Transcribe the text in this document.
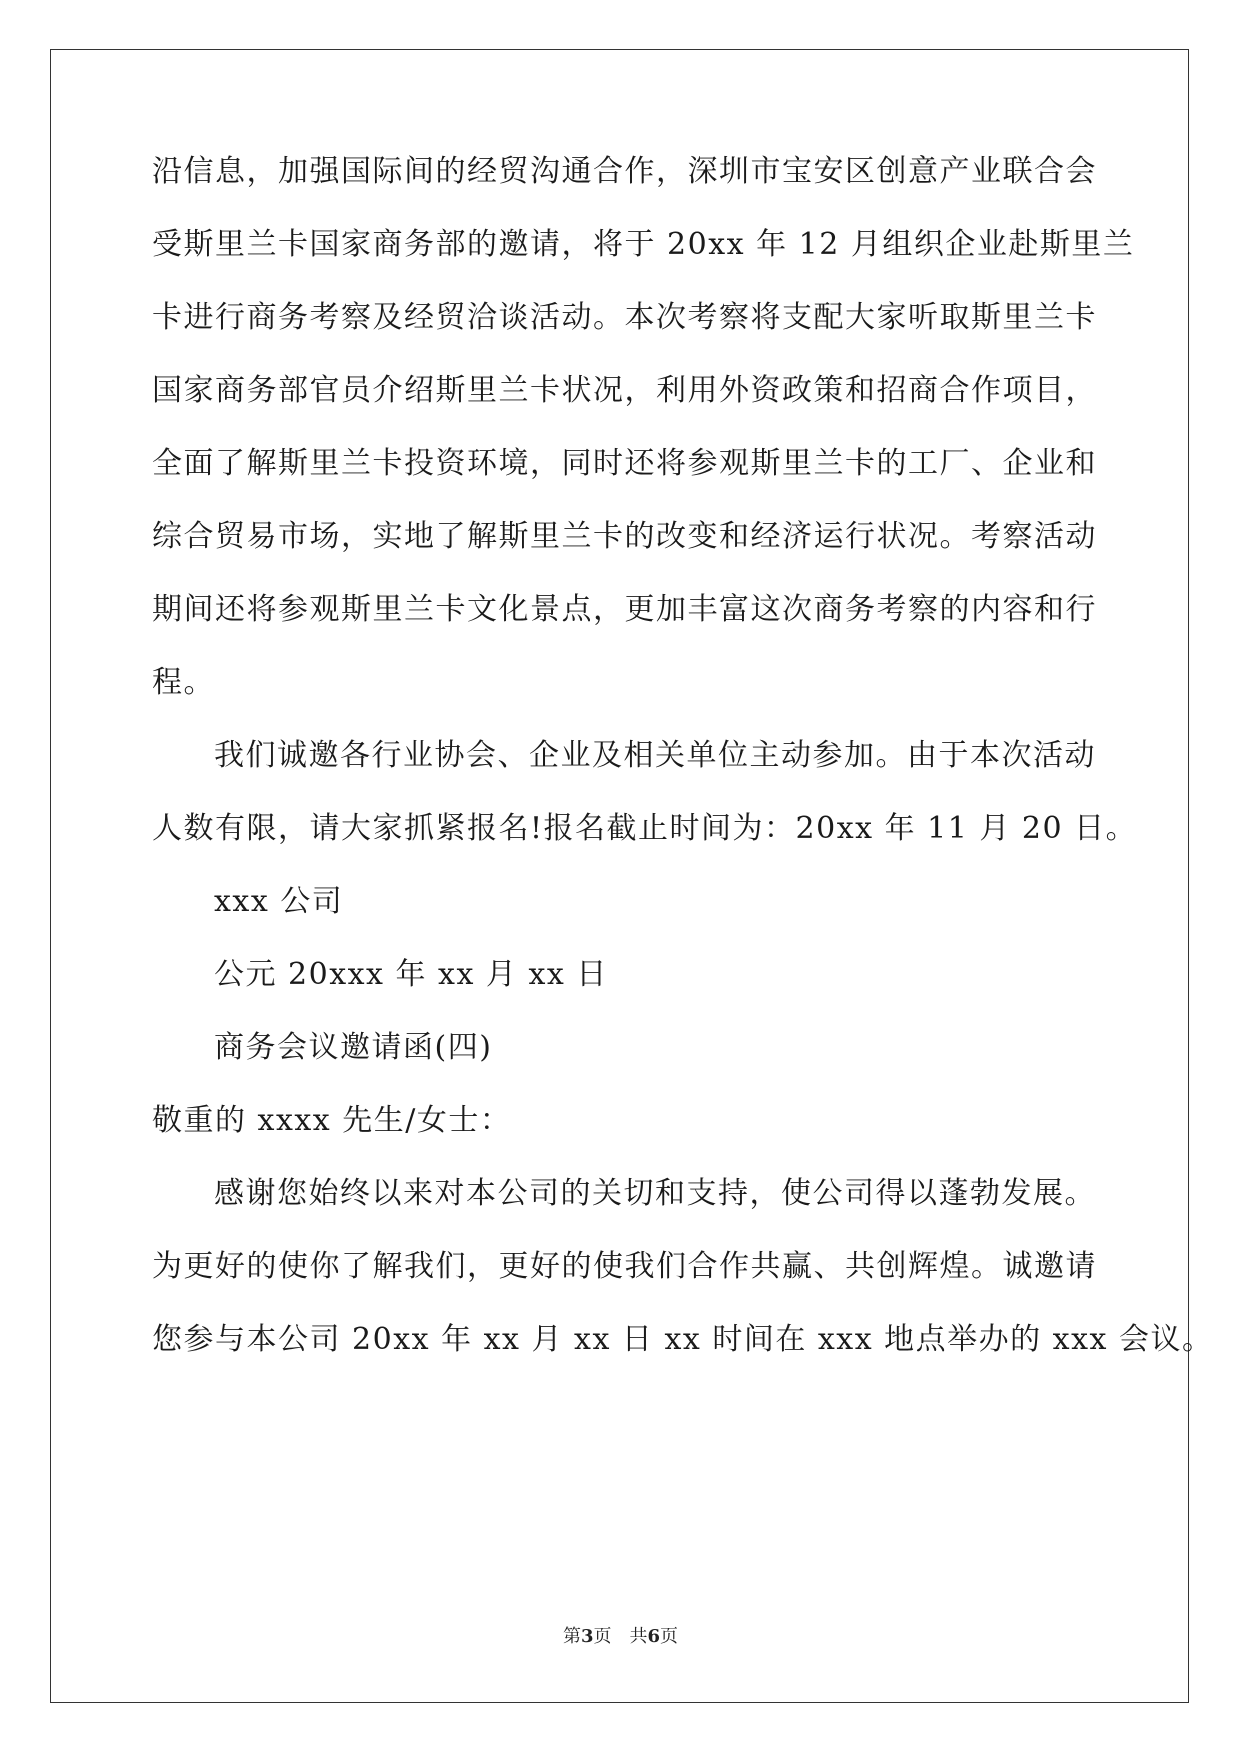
沿信息，加强国际间的经贸沟通合作，深圳市宝安区创意产业联合会
受斯里兰卡国家商务部的邀请，将于 20xx 年 12 月组织企业赴斯里兰
卡进行商务考察及经贸洽谈活动。本次考察将支配大家听取斯里兰卡
国家商务部官员介绍斯里兰卡状况，利用外资政策和招商合作项目，
全面了解斯里兰卡投资环境，同时还将参观斯里兰卡的工厂、企业和
综合贸易市场，实地了解斯里兰卡的改变和经济运行状况。考察活动
期间还将参观斯里兰卡文化景点，更加丰富这次商务考察的内容和行
程。
我们诚邀各行业协会、企业及相关单位主动参加。由于本次活动
人数有限，请大家抓紧报名!报名截止时间为：20xx 年 11 月 20 日。
xxx 公司
公元 20xxx 年 xx 月 xx 日
商务会议邀请函(四)
敬重的 xxxx 先生/女士：
感谢您始终以来对本公司的关切和支持，使公司得以蓬勃发展。
为更好的使你了解我们，更好的使我们合作共赢、共创辉煌。诚邀请
您参与本公司 20xx 年 xx 月 xx 日 xx 时间在 xxx 地点举办的 xxx 会议。
第3页　共6页
